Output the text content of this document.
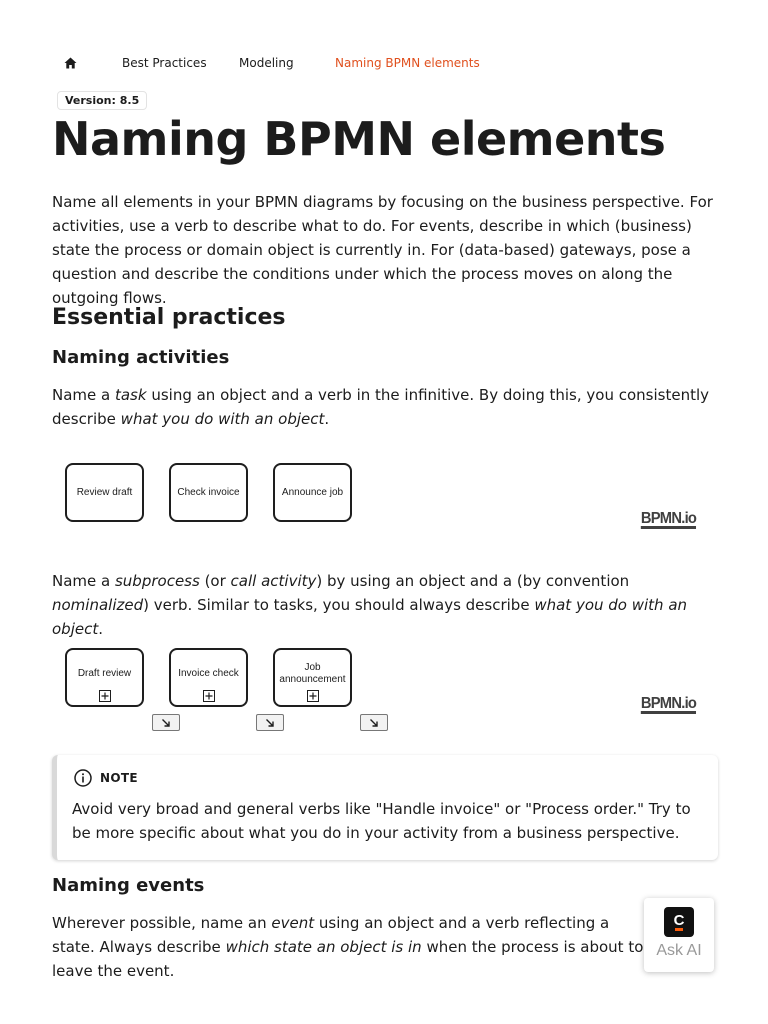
Best Practices	Modeling	Naming BPMN elements
Version: 8.5
Naming BPMN elements

Name all elements in your BPMN diagrams by focusing on the business perspective. For activities, use a verb to describe what to do. For events, describe in which (business) state the process or domain object is currently in. For (data-based) gateways, pose a question and describe the conditions under which the process moves on along the outgoing flows.

Essential practices
Naming activities

Name a task using an object and a verb in the infinitive. By doing this, you consistently describe what you do with an object.

Review draft	Check invoice	Announce job
BPMN.io

Name a subprocess (or call activity) by using an object and a (by convention nominalized) verb. Similar to tasks, you should always describe what you do with an object.

Draft review	Invoice check
Job announcement
BPMN.io
NOTE

Avoid very broad and general verbs like "Handle invoice" or "Process order." Try to be more specific about what you do in your activity from a business perspective.

Naming events

Wherever possible, name an event using an object and a verb reflecting a state. Always describe which state an object is in when the process is about to leave the event.

C
Ask AI
